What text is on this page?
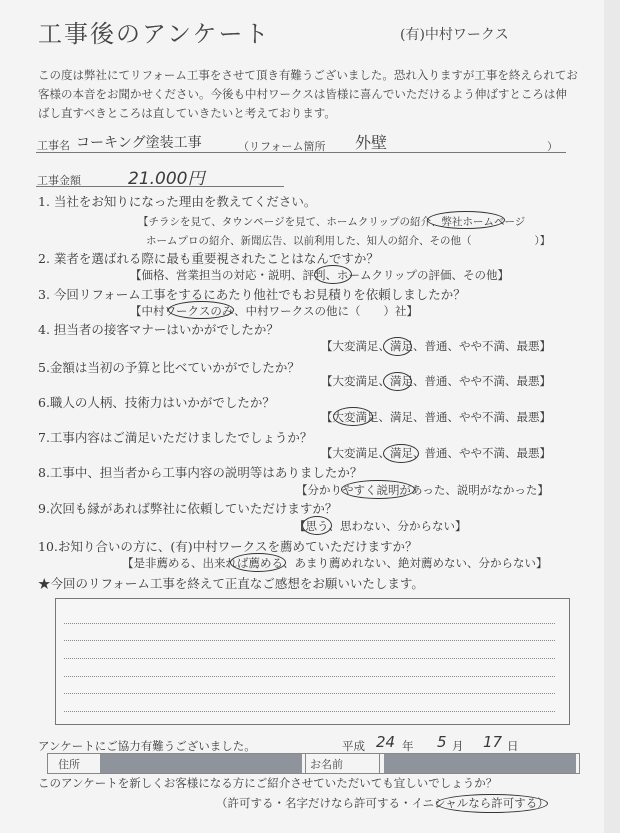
工事後のアンケート	(有)中村ワークス
この度は弊社にてリフォーム工事をさせて頂き有難うございました。恐れ入りますが工事を終えられてお客様の本音をお聞かせください。今後も中村ワークスは皆様に喜んでいただけるよう伸ばすところは伸ばし直すべきところは直していきたいと考えております。
工事名 コーキング塗装工事	（リフォーム箇所 外壁	）
工事金額	21.000円
1. 当社をお知りになった理由を教えてください。
【チラシを見て、タウンページを見て、ホームクリップの紹介、弊社ホームページ
ホームプロの紹介、新聞広告、以前利用した、知人の紹介、その他（　　　　　　）】
2. 業者を選ばれる際に最も重要視されたことはなんですか？
【価格、営業担当の対応・説明、評判、ホームクリップの評価、その他】
3. 今回リフォーム工事をするにあたり他社でもお見積りを依頼しましたか？
【中村ワークスのみ、中村ワークスの他に（　　）社】
4. 担当者の接客マナーはいかがでしたか？
【大変満足、満足、普通、やや不満、最悪】
5.金額は当初の予算と比べていかがでしたか？
【大変満足、満足、普通、やや不満、最悪】
6.職人の人柄、技術力はいかがでしたか？
【大変満足、満足、普通、やや不満、最悪】
7.工事内容はご満足いただけましたでしょうか？
【大変満足、満足、普通、やや不満、最悪】
8.工事中、担当者から工事内容の説明等はありましたか？
【分かりやすく説明があった、説明がなかった】
9.次回も縁があれば弊社に依頼していただけますか？
【思う、思わない、分からない】
10.お知り合いの方に、(有)中村ワークスを薦めていただけますか？
【是非薦める、出来れば薦める、あまり薦めれない、絶対薦めない、分からない】
★今回のリフォーム工事を終えて正直なご感想をお願いいたします。
アンケートにご協力有難うございました。	平成 24 年 5 月 17 日
住所	お名前
このアンケートを新しくお客様になる方にご紹介させていただいても宜しいでしょうか？
（許可する・名字だけなら許可する・イニシャルなら許可する）
